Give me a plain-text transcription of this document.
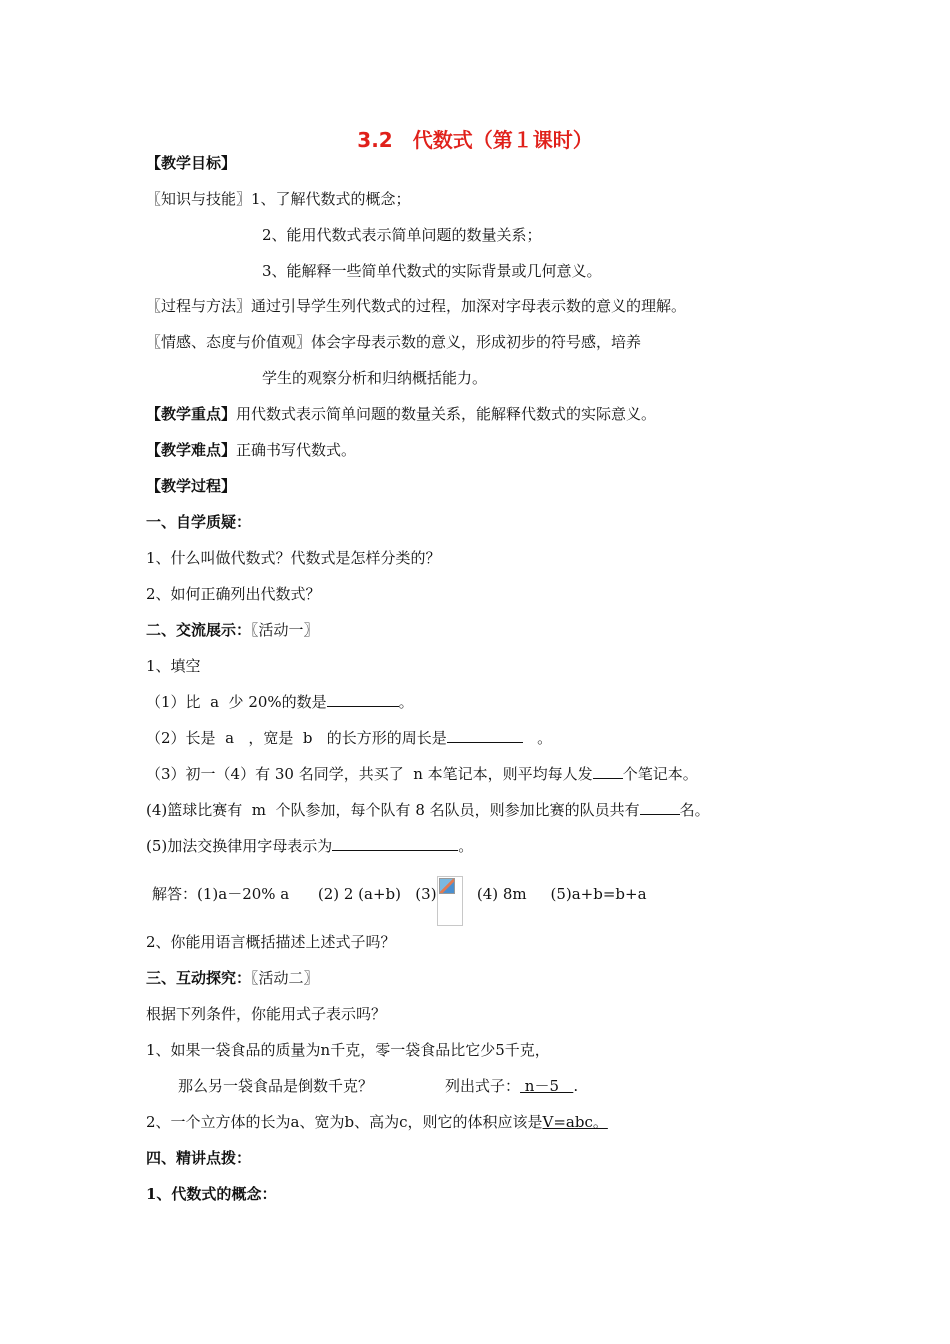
3.2　代数式（第１课时）
【教学目标】
〖知识与技能〗1、了解代数式的概念；
2、能用代数式表示简单问题的数量关系；
3、能解释一些简单代数式的实际背景或几何意义。
〖过程与方法〗通过引导学生列代数式的过程，加深对字母表示数的意义的理解。
〖情感、态度与价值观〗体会字母表示数的意义，形成初步的符号感，培养
学生的观察分析和归纳概括能力。
【教学重点】用代数式表示简单问题的数量关系，能解释代数式的实际意义。
【教学难点】正确书写代数式。
【教学过程】
一、自学质疑：
1、什么叫做代数式？代数式是怎样分类的？
2、如何正确列出代数式？
二、交流展示：〖活动一〗
1、填空
（1）比  a  少 20%的数是	。
（2）长是  a   ，宽是  b   的长方形的周长是	。
（3）初一（4）有 30 名同学，共买了  n 本笔记本，则平均每人发 个笔记本。
(4)篮球比赛有  m  个队参加，每个队有 8 名队员，则参加比赛的队员共有	名。
(5)加法交换律用字母表示为	。
解答：(1)a－20% a      (2) 2 (a+b)   (3)
(4) 8m     (5)a+b=b+a
2、你能用语言概括描述上述式子吗？
三、互动探究：〖活动二〗
根据下列条件，你能用式子表示吗？
1、如果一袋食品的质量为n千克，零一袋食品比它少5千克，
那么另一袋食品是倒数千克？	列出式子： n－5   .
2、一个立方体的长为a、宽为b、高为c，则它的体积应该是V=abc。
四、精讲点拨：
1、代数式的概念：
